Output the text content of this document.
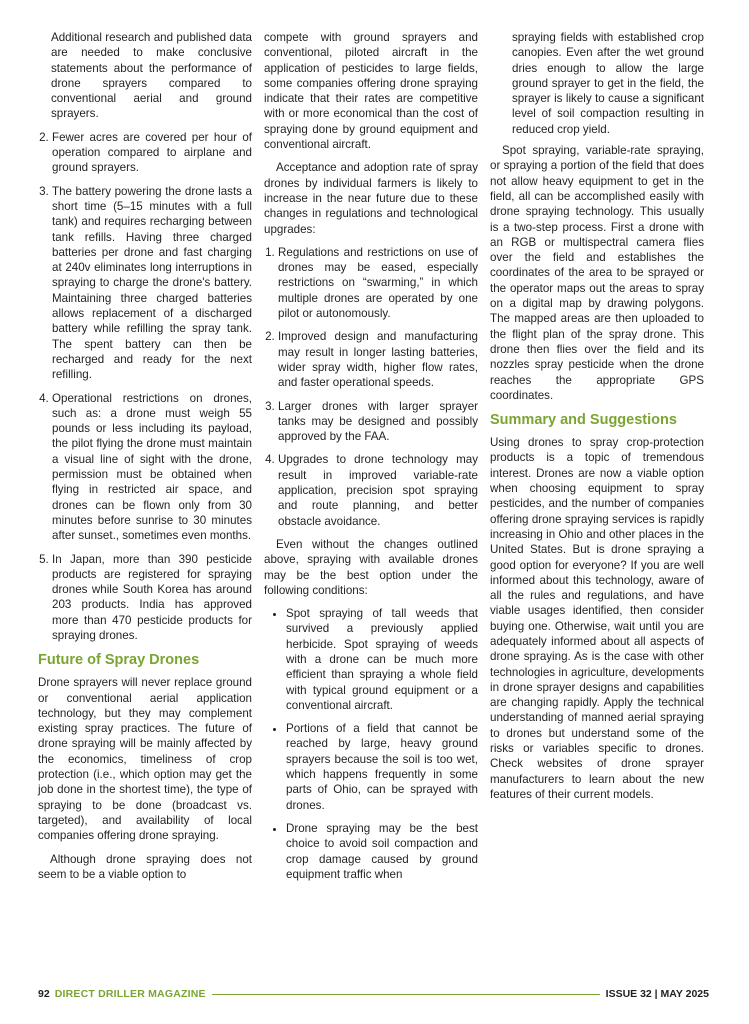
Additional research and published data are needed to make conclusive statements about the performance of drone sprayers compared to conventional aerial and ground sprayers.

2. Fewer acres are covered per hour of operation compared to airplane and ground sprayers.
3. The battery powering the drone lasts a short time (5–15 minutes with a full tank) and requires recharging between tank refills. Having three charged batteries per drone and fast charging at 240v eliminates long interruptions in spraying to charge the drone's battery. Maintaining three charged batteries allows replacement of a discharged battery while refilling the spray tank. The spent battery can then be recharged and ready for the next refilling.
4. Operational restrictions on drones, such as: a drone must weigh 55 pounds or less including its payload, the pilot flying the drone must maintain a visual line of sight with the drone, permission must be obtained when flying in restricted air space, and drones can be flown only from 30 minutes before sunrise to 30 minutes after sunset., sometimes even months.
5. In Japan, more than 390 pesticide products are registered for spraying drones while South Korea has around 203 products. India has approved more than 470 pesticide products for spraying drones.
Future of Spray Drones

Drone sprayers will never replace ground or conventional aerial application technology, but they may complement existing spray practices. The future of drone spraying will be mainly affected by the economics, timeliness of crop protection (i.e., which option may get the job done in the shortest time), the type of spraying to be done (broadcast vs. targeted), and availability of local companies offering drone spraying.

Although drone spraying does not seem to be a viable option to

compete with ground sprayers and conventional, piloted aircraft in the application of pesticides to large fields, some companies offering drone spraying indicate that their rates are competitive with or more economical than the cost of spraying done by ground equipment and conventional aircraft.

Acceptance and adoption rate of spray drones by individual farmers is likely to increase in the near future due to these changes in regulations and technological upgrades:

1. Regulations and restrictions on use of drones may be eased, especially restrictions on “swarming,” in which multiple drones are operated by one pilot or autonomously.
2. Improved design and manufacturing may result in longer lasting batteries, wider spray width, higher flow rates, and faster operational speeds.
3. Larger drones with larger sprayer tanks may be designed and possibly approved by the FAA.
4. Upgrades to drone technology may result in improved variable-rate application, precision spot spraying and route planning, and better obstacle avoidance.

Even without the changes outlined above, spraying with available drones may be the best option under the following conditions:

• Spot spraying of tall weeds that survived a previously applied herbicide. Spot spraying of weeds with a drone can be much more efficient than spraying a whole field with typical ground equipment or a conventional aircraft.
• Portions of a field that cannot be reached by large, heavy ground sprayers because the soil is too wet, which happens frequently in some parts of Ohio, can be sprayed with drones.
• Drone spraying may be the best choice to avoid soil compaction and crop damage caused by ground equipment traffic when

spraying fields with established crop canopies. Even after the wet ground dries enough to allow the large ground sprayer to get in the field, the sprayer is likely to cause a significant level of soil compaction resulting in reduced crop yield.

Spot spraying, variable-rate spraying, or spraying a portion of the field that does not allow heavy equipment to get in the field, all can be accomplished easily with drone spraying technology. This usually is a two-step process. First a drone with an RGB or multispectral camera flies over the field and establishes the coordinates of the area to be sprayed or the operator maps out the areas to spray on a digital map by drawing polygons. The mapped areas are then uploaded to the flight plan of the spray drone. This drone then flies over the field and its nozzles spray pesticide when the drone reaches the appropriate GPS coordinates.

Summary and Suggestions

Using drones to spray crop-protection products is a topic of tremendous interest. Drones are now a viable option when choosing equipment to spray pesticides, and the number of companies offering drone spraying services is rapidly increasing in Ohio and other places in the United States. But is drone spraying a good option for everyone? If you are well informed about this technology, aware of all the rules and regulations, and have viable usages identified, then consider buying one. Otherwise, wait until you are adequately informed about all aspects of drone spraying. As is the case with other technologies in agriculture, developments in drone sprayer designs and capabilities are changing rapidly. Apply the technical understanding of manned aerial spraying to drones but understand some of the risks or variables specific to drones. Check websites of drone sprayer manufacturers to learn about the new features of their current models.

92 DIRECT DRILLER MAGAZINE	ISSUE 32 | MAY 2025
